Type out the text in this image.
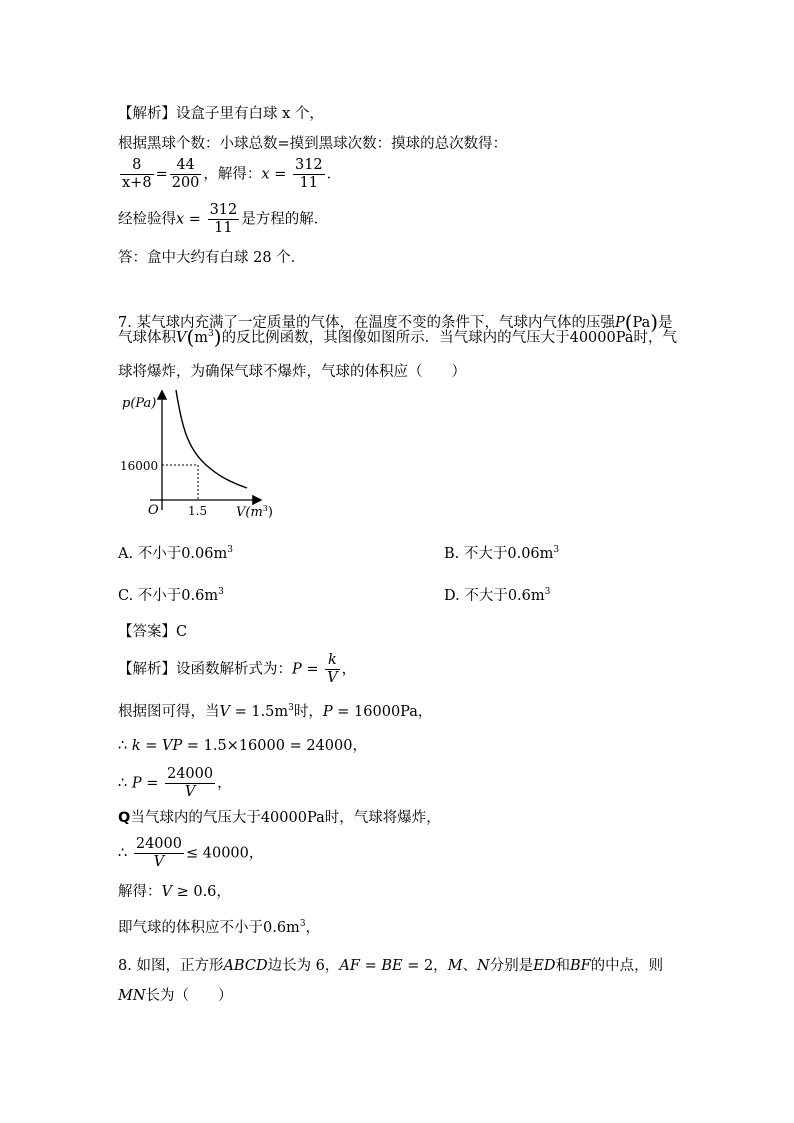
【解析】设盒子里有白球 x 个，
根据黑球个数：小球总数=摸到黑球次数：摸球的总次数得：
$\frac{8}{x+8} = \frac{44}{200}$ ，解得：$x = \frac{312}{11}$ ．
经检验得$x = \frac{312}{11}$ 是方程的解．
答：盒中大约有白球 28 个．
7. 某气球内充满了一定质量的气体，在温度不变的条件下，气球内气体的压强P(Pa)是
气球体积$V(m^3)$的反比例函数，其图像如图所示．当气球内的气压大于40000Pa时，气
球将爆炸，为确保气球不爆炸，气球的体积应（　　）
p(Pa)
16000
O 1.5 $V(m^3)$
A. 不小于$0.06m^3$	B. 不大于$0.06m^3$
C. 不小于$0.6m^3$	D. 不大于$0.6m^3$
【答案】C
【解析】设函数解析式为：$P = \frac{k}{V}$ ，
根据图可得，当$V = 1.5m^3$时，P = 16000Pa，
∴ k = VP = 1.5×16000 = 24000，
∴ $P = \frac{24000}{V}$ ，
Q当气球内的气压大于40000Pa时，气球将爆炸，
∴ $\frac{24000}{V} \le 40000$，
解得：V ≥ 0.6，
即气球的体积应不小于$0.6m^3$，
8. 如图，正方形ABCD边长为 6，AF = BE = 2，M、N分别是ED和BF的中点，则
MN长为（　　）
